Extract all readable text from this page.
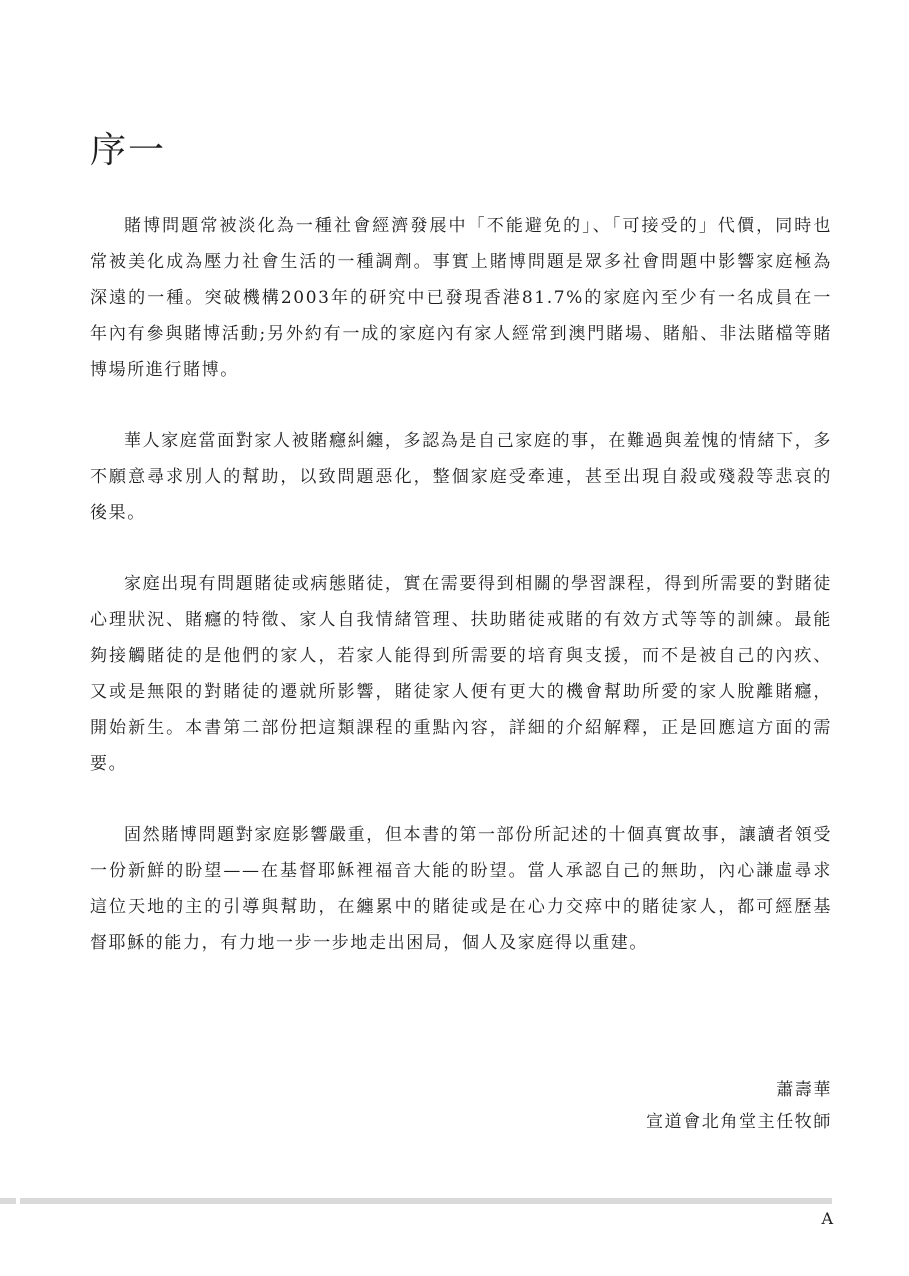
序一

賭博問題常被淡化為一種社會經濟發展中「不能避免的」、「可接受的」代價，同時也常被美化成為壓力社會生活的一種調劑。事實上賭博問題是眾多社會問題中影響家庭極為深遠的一種。突破機構2003年的研究中已發現香港81.7%的家庭內至少有一名成員在一年內有參與賭博活動;另外約有一成的家庭內有家人經常到澳門賭場、賭船、非法賭檔等賭博場所進行賭博。

華人家庭當面對家人被賭癮糾纏，多認為是自己家庭的事，在難過與羞愧的情緒下，多不願意尋求別人的幫助，以致問題惡化，整個家庭受牽連，甚至出現自殺或殘殺等悲哀的後果。

家庭出現有問題賭徒或病態賭徒，實在需要得到相關的學習課程，得到所需要的對賭徒心理狀況、賭癮的特徵、家人自我情緒管理、扶助賭徒戒賭的有效方式等等的訓練。最能夠接觸賭徒的是他們的家人，若家人能得到所需要的培育與支援，而不是被自己的內疚、又或是無限的對賭徒的遷就所影響，賭徒家人便有更大的機會幫助所愛的家人脫離賭癮，開始新生。本書第二部份把這類課程的重點內容，詳細的介紹解釋，正是回應這方面的需要。

固然賭博問題對家庭影響嚴重，但本書的第一部份所記述的十個真實故事，讓讀者領受一份新鮮的盼望——在基督耶穌裡福音大能的盼望。當人承認自己的無助，內心謙虛尋求這位天地的主的引導與幫助，在纏累中的賭徒或是在心力交瘁中的賭徒家人，都可經歷基督耶穌的能力，有力地一步一步地走出困局，個人及家庭得以重建。

蕭壽華
宣道會北角堂主任牧師
A
